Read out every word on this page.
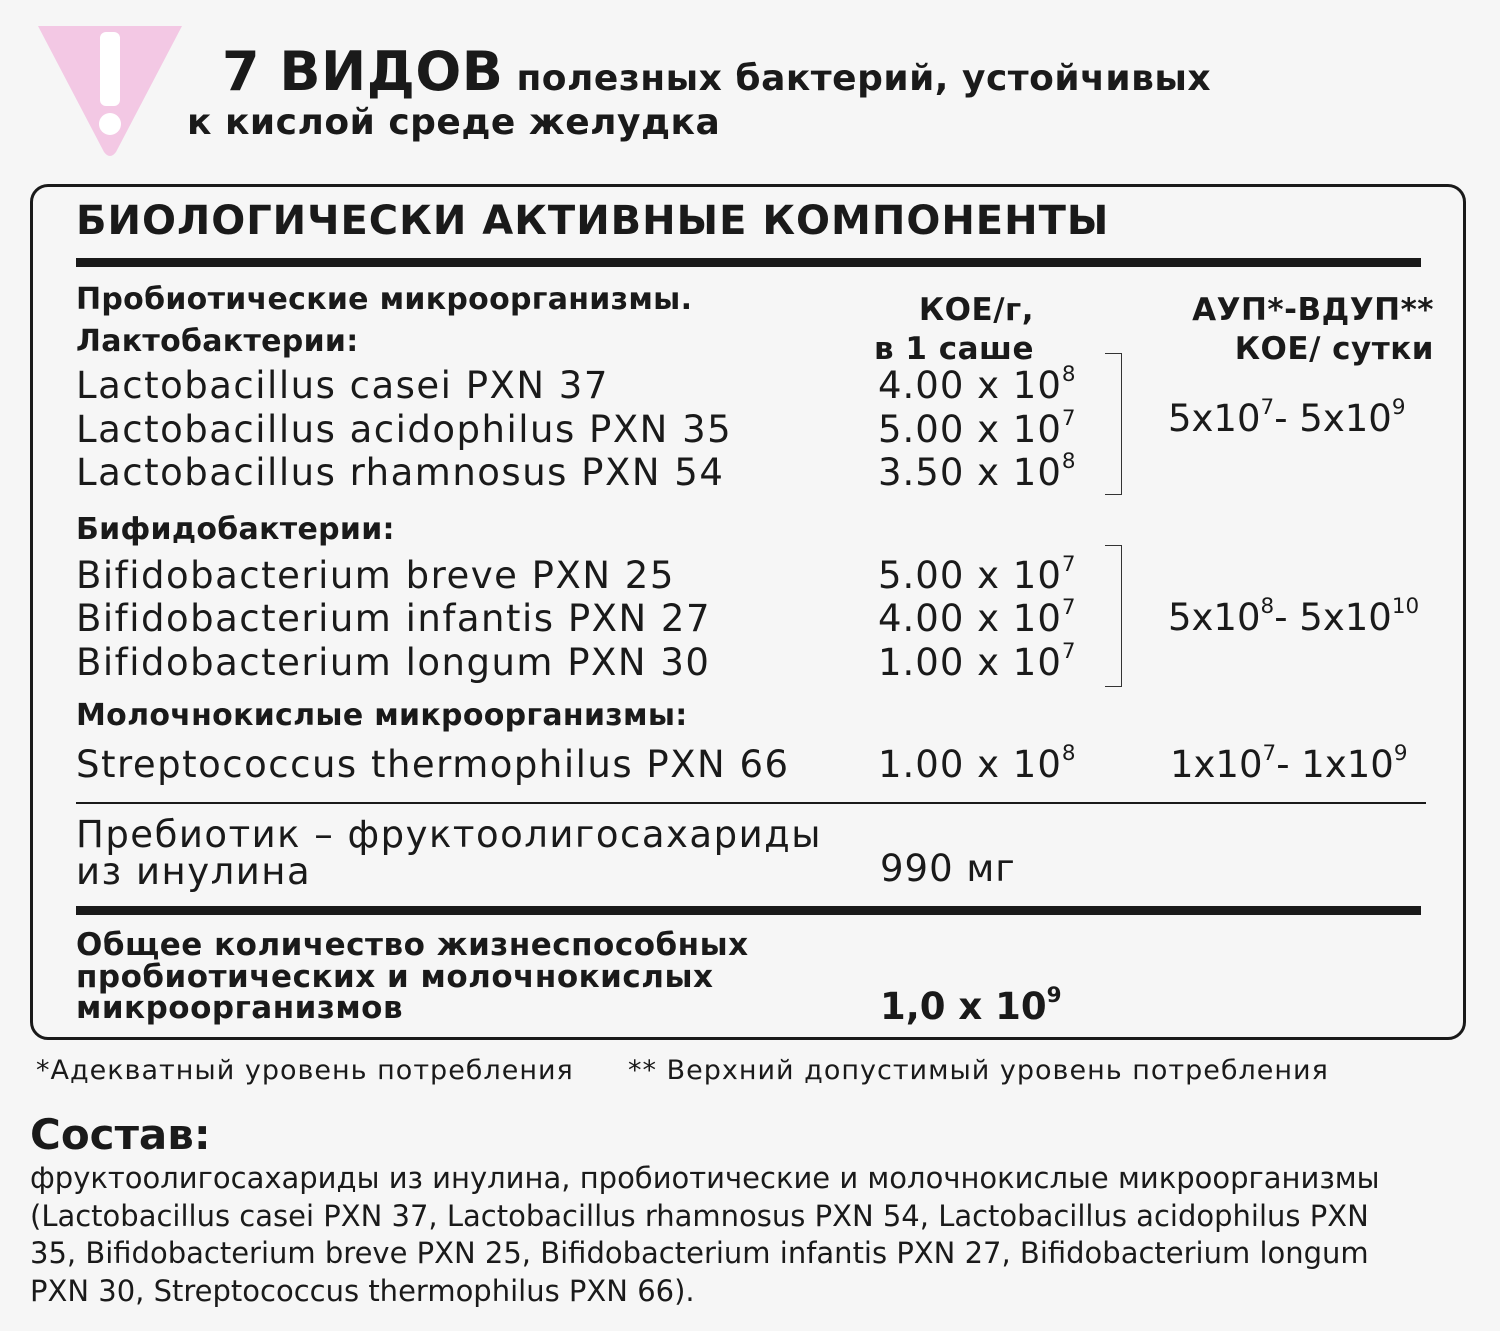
7 ВИДОВ полезных бактерий, устойчивых
к кислой среде желудка
БИОЛОГИЧЕСКИ АКТИВНЫЕ КОМПОНЕНТЫ
Пробиотические микроорганизмы.
Лактобактерии:
КОЕ/г,
в 1 саше
АУП*-ВДУП**
КОЕ/ сутки
Lactobacillus casei PXN 37	4.00 x $10^8$
Lactobacillus acidophilus PXN 35	5.00 x $10^7$
Lactobacillus rhamnosus PXN 54	3.50 x $10^8$
$5x10^7-$ $5x10^9$
Бифидобактерии:
Bifidobacterium breve PXN 25	5.00 x $10^7$
Bifidobacterium infantis PXN 27	4.00 x $10^7$
Bifidobacterium longum PXN 30	1.00 x $10^7$
$5x10^8-$ $5x10^{10}$
Молочнокислые микроорганизмы:
Streptococcus thermophilus PXN 66 1.00 x $10^8$	$1x10^7-$ $1x10^9$
Пребиотик – фруктоолигосахариды
из инулина	990 мг
Общее количество жизнеспособных
пробиотических и молочнокислых
микроорганизмов	1,0 x $10^9$
*Адекватный уровень потребления ** Верхний допустимый уровень потребления
Состав:
фруктоолигосахариды из инулина, пробиотические и молочнокислые микроорганизмы
(Lactobacillus casei PXN 37, Lactobacillus rhamnosus PXN 54, Lactobacillus acidophilus PXN
35, Bifidobacterium breve PXN 25, Bifidobacterium infantis PXN 27, Bifidobacterium longum
PXN 30, Streptococcus thermophilus PXN 66).
